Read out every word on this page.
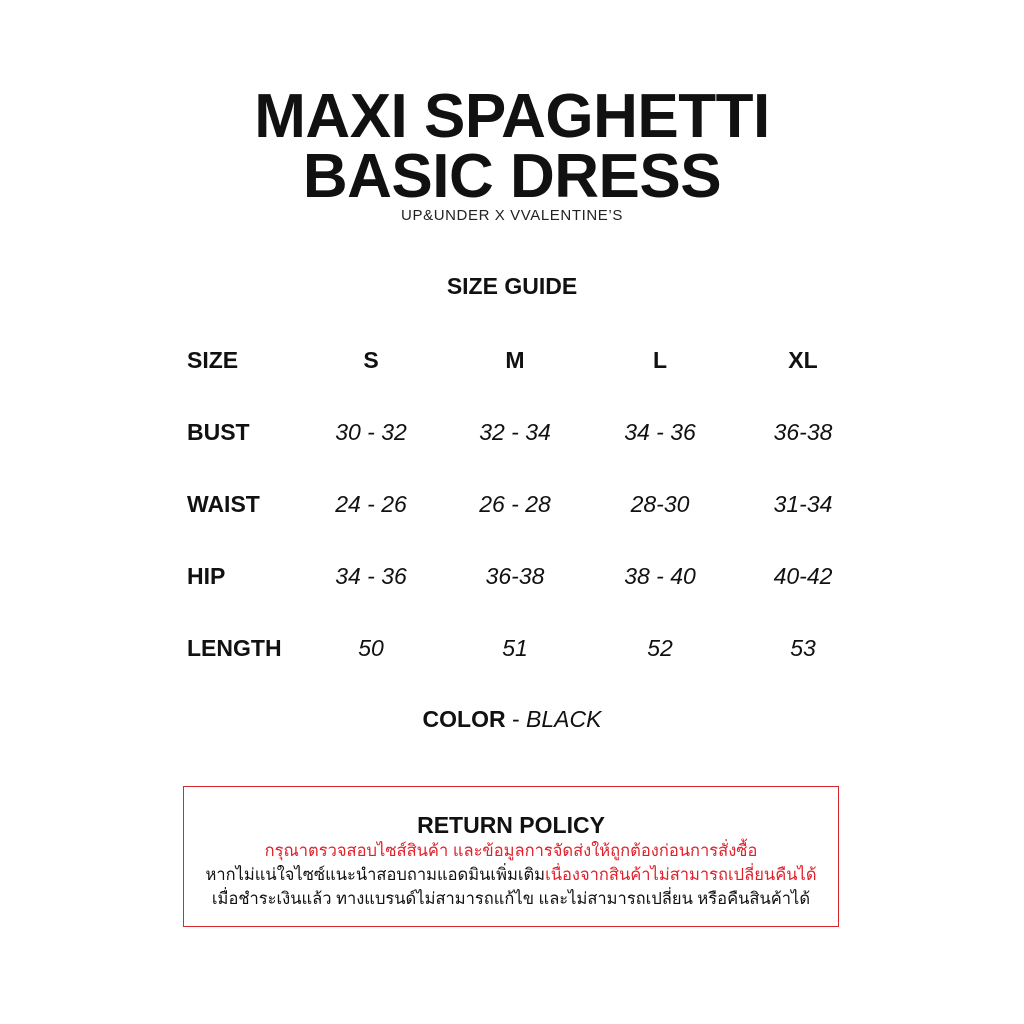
MAXI SPAGHETTI
BASIC DRESS
UP&UNDER X VVALENTINE’S
SIZE GUIDE
SIZE	S	M	L	XL
BUST	30 - 32	32 - 34	34 - 36	36-38
WAIST	24 - 26	26 - 28	28-30	31-34
HIP	34 - 36	36-38	38 - 40	40-42
LENGTH	50	51	52	53
COLOR - BLACK
RETURN POLICY
กรุณาตรวจสอบไซส์สินค้า และข้อมูลการจัดส่งให้ถูกต้องก่อนการสั่งซื้อ
หากไม่แน่ใจไซซ์แนะนำสอบถามแอดมินเพิ่มเติมเนื่องจากสินค้าไม่สามารถเปลี่ยนคืนได้
เมื่อชำระเงินแล้ว ทางแบรนด์ไม่สามารถแก้ไข และไม่สามารถเปลี่ยน หรือคืนสินค้าได้
